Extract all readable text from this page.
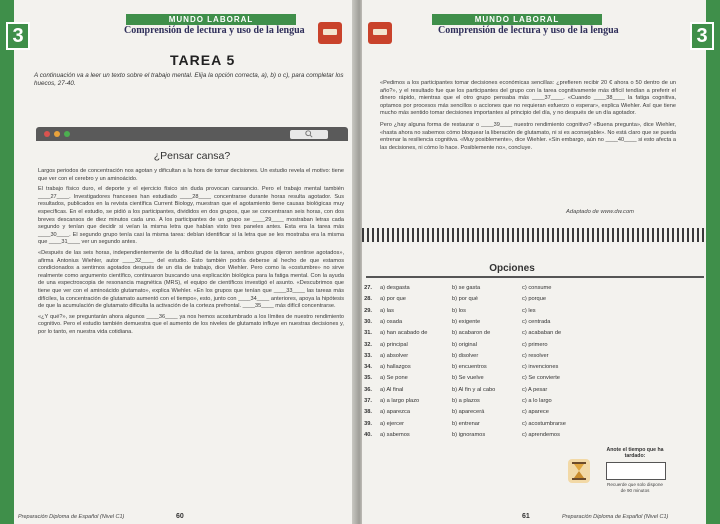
3
MUNDO LABORAL
Comprensión de lectura y uso de la lengua
TAREA 5
A continuación va a leer un texto sobre el trabajo mental. Elija la opción correcta, a), b) o c), para completar los huecos, 27-40.
¿Pensar cansa?

Largos periodos de concentración nos agotan y dificultan a la hora de tomar decisiones. Un estudio revela el motivo: tiene que ver con el cerebro y un aminoácido.

El trabajo físico duro, el deporte y el ejercicio físico sin duda provocan cansancio. Pero el trabajo mental también ____27____. Investigadores franceses han estudiado ____28____ concentrarse durante horas resulta agotador. Sus resultados, publicados en la revista científica Current Biology, muestran que el agotamiento tiene causas biológicas muy específicas. En el estudio, se pidió a los participantes, divididos en dos grupos, que se concentraran seis horas, con dos breves descansos de diez minutos cada uno. A los participantes de un grupo se ____29____ mostraban letras cada segundo y tenían que decidir si veían la misma letra que habían visto tres paneles antes. Esta era la tarea más ____30____. El segundo grupo tenía casi la misma tarea: debían identificar si la letra que se les mostraba era la misma que ____31____ ver un segundo antes.

«Después de las seis horas, independientemente de la dificultad de la tarea, ambos grupos dijeron sentirse agotados», afirma Antonius Wiehler, autor ____32____ del estudio. Esto también podría deberse al hecho de que estamos condicionados a sentirnos agotados después de un día de trabajo, dice Wiehler. Pero como la «costumbre» no sirve realmente como argumento científico, continuaron buscando una explicación biológica para la fatiga mental. Con la ayuda de una espectroscopia de resonancia magnética (MRS), el equipo de científicos investigó el asunto. «Descubrimos que tiene que ver con el aminoácido glutamato», explica Wiehler. «En los grupos que tenían que ____33____ las tareas más difíciles, la concentración de glutamato aumentó con el tiempo», esto, junto con ____34____ anteriores, apoya la hipótesis de que la acumulación de glutamato dificulta la activación de la corteza prefrontal. ____35____ más difícil concentrarse.

«¿Y qué?», se preguntarán ahora algunos ____36____ ya nos hemos acostumbrado a los límites de nuestro rendimiento cognitivo. Pero el estudio también demuestra que el aumento de los niveles de glutamato influye en nuestras decisiones y, por lo tanto, en nuestra vida cotidiana.

Preparación Diploma de Español (Nivel C1)	60
3
MUNDO LABORAL
Comprensión de lectura y uso de la lengua

«Pedimos a los participantes tomar decisiones económicas sencillas: ¿prefieren recibir 20 € ahora o 50 dentro de un año?», y el resultado fue que los participantes del grupo con la tarea cognitivamente más difícil tendían a preferir el dinero rápido, mientras que el otro grupo pensaba más ____37____. «Cuando ____38____ la fatiga cognitiva, optamos por procesos más sencillos o acciones que no requieran esfuerzo o esperar», explica Wiehler. Así que tiene mucho más sentido tomar decisiones importantes al principio del día, y no después de un día agotador.

Pero ¿hay alguna forma de restaurar o ____39____ nuestro rendimiento cognitivo? «Buena pregunta», dice Wiehler, «hasta ahora no sabemos cómo bloquear la liberación de glutamato, ni si es aconsejable». No está claro que se pueda entrenar la resiliencia cognitiva. «Muy posiblemente», dice Wiehler. «Sin embargo, aún no ____40____ si esto afecta a las decisiones, ni cómo lo hace. Posiblemente no», concluye.

Adaptado de www.dw.com
Opciones
27. a) desgasta	b) se gasta	c) consume
28. a) por que	b) por qué	c) porque
29. a) las	b) los	c) les
30. a) osada	b) exigente	c) centrada
31. a) han acabado de	b) acabaron de	c) acababan de
32. a) principal	b) original	c) primero
33. a) absolver	b) disolver	c) resolver
34. a) hallazgos	b) encuentros	c) invenciones
35. a) Se pone	b) Se vuelve	c) Se convierte
36. a) Al final	b) Al fin y al cabo	c) A pesar
37. a) a largo plazo	b) a plazos	c) a lo largo
38. a) aparezca	b) aparecerá	c) aparece
39. a) ejercer	b) entrenar	c) acostumbrarse
40. a) sabemos	b) ignoramos	c) aprendemos
Anote el tiempo que ha tardado:
Recuerde que solo dispone de 90 minutos
61	Preparación Diploma de Español (Nivel C1)
